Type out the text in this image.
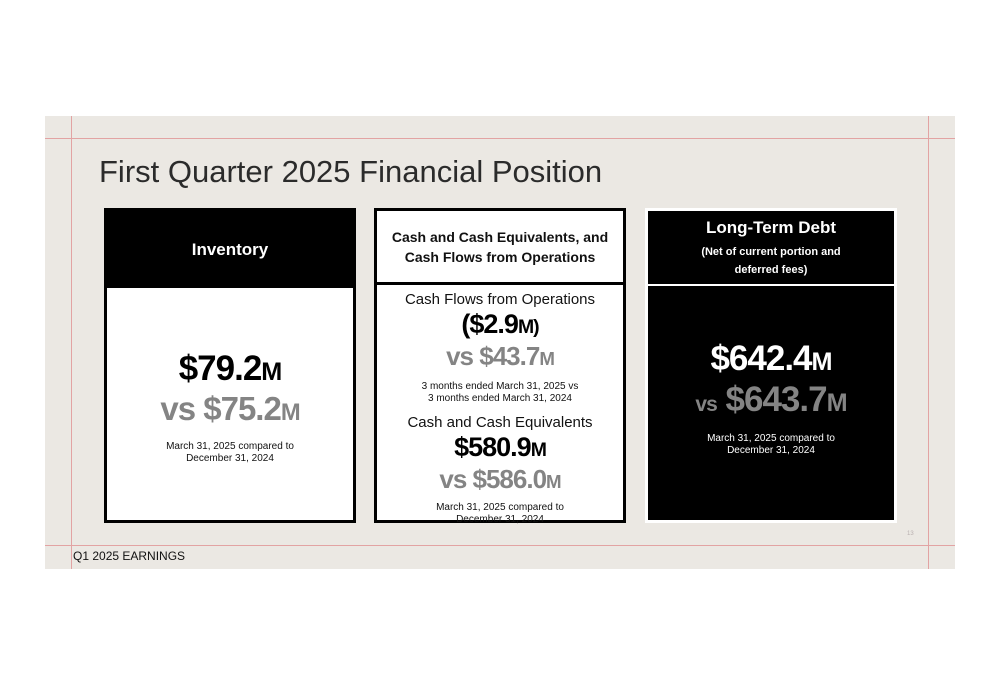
First Quarter 2025 Financial Position
Inventory
$79.2M
vs $75.2M
March 31, 2025 compared to
December 31, 2024
Cash and Cash Equivalents, and
Cash Flows from Operations
Cash Flows from Operations
($2.9M)
vs $43.7M
3 months ended March 31, 2025 vs
3 months ended March 31, 2024
Cash and Cash Equivalents
$580.9M
vs $586.0M
March 31, 2025 compared to
December 31, 2024
Long-Term Debt
(Net of current portion and
deferred fees)
$642.4M
vs $643.7M
March 31, 2025 compared to
December 31, 2024
13
Q1 2025 EARNINGS
